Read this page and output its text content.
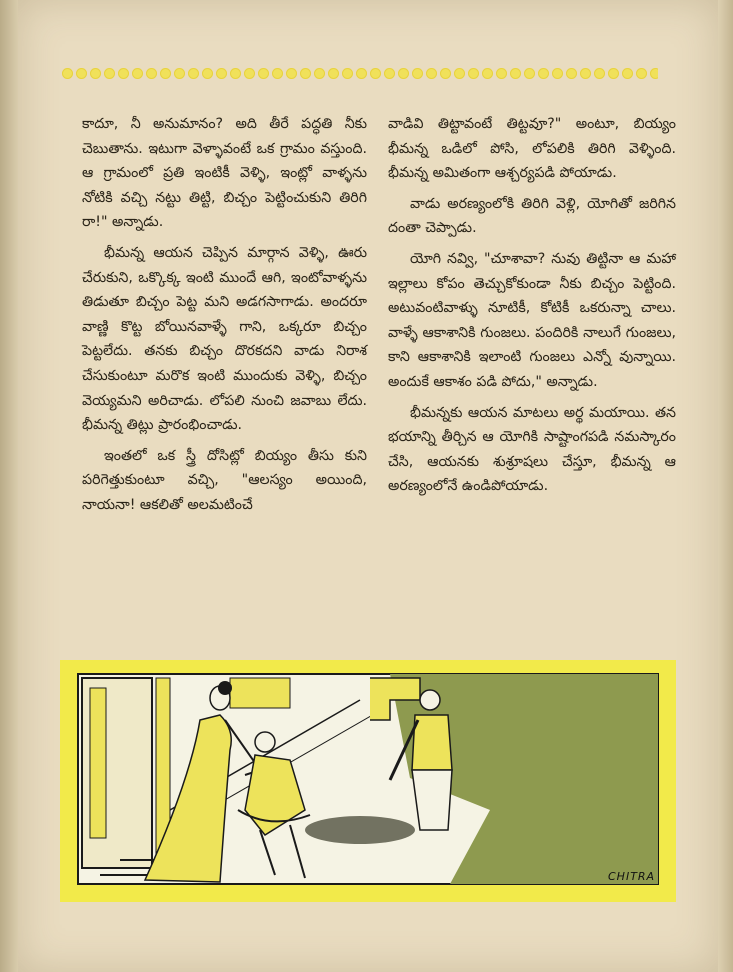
కాదూ, నీ అనుమానం? అది తీరే పద్ధతి నీకు చెబుతాను. ఇటుగా వెళ్ళావంటే ఒక గ్రామం వస్తుంది. ఆ గ్రామంలో ప్రతి ఇంటికీ వెళ్ళి, ఇంట్లో వాళ్ళను నోటికి వచ్చి నట్టు తిట్టి, బిచ్చం పెట్టించుకుని తిరిగి రా!" అన్నాడు.

భీమన్న ఆయన చెప్పిన మార్గాన వెళ్ళి, ఊరు చేరుకుని, ఒక్కొక్క ఇంటి ముందే ఆగి, ఇంటోవాళ్ళను తిడుతూ బిచ్చం పెట్ట మని అడగసాగాడు. అందరూ వాణ్ణి కొట్ట బోయినవాళ్ళే గాని, ఒక్కరూ బిచ్చం పెట్టలేదు. తనకు బిచ్చం దొరకదని వాడు నిరాశ చేసుకుంటూ మరొక ఇంటి ముందుకు వెళ్ళి, బిచ్చం వెయ్యమని అరిచాడు. లోపలి నుంచి జవాబు లేదు. భీమన్న తిట్లు ప్రారంభించాడు.

ఇంతలో ఒక స్త్రీ దోసిట్లో బియ్యం తీసు కుని పరిగెత్తుకుంటూ వచ్చి, "ఆలస్యం అయింది, నాయనా! ఆకలితో అలమటించే

వాడివి తిట్టావంటే తిట్టవూ?" అంటూ, బియ్యం భీమన్న ఒడిలో పోసి, లోపలికి తిరిగి వెళ్ళింది. భీమన్న అమితంగా ఆశ్చర్యపడి పోయాడు.

వాడు అరణ్యంలోకి తిరిగి వెళ్లి, యోగితో జరిగిన దంతా చెప్పాడు.

యోగి నవ్వి, "చూశావా? నువు తిట్టినా ఆ మహా ఇల్లాలు కోపం తెచ్చుకోకుండా నీకు బిచ్చం పెట్టింది. అటువంటివాళ్ళు నూటికీ, కోటికీ ఒకరున్నా చాలు. వాళ్ళే ఆకాశానికి గుంజలు. పందిరికి నాలుగే గుంజలు, కాని ఆకాశానికి ఇలాంటి గుంజలు ఎన్నో వున్నాయి. అందుకే ఆకాశం పడి పోదు," అన్నాడు.

భీమన్నకు ఆయన మాటలు అర్థ మయాయి. తన భయాన్ని తీర్చిన ఆ యోగికి సాష్టాంగపడి నమస్కారం చేసి, ఆయనకు శుశ్రూషలు చేస్తూ, భీమన్న ఆ అరణ్యంలోనే ఉండిపోయాడు.

CHITRA
